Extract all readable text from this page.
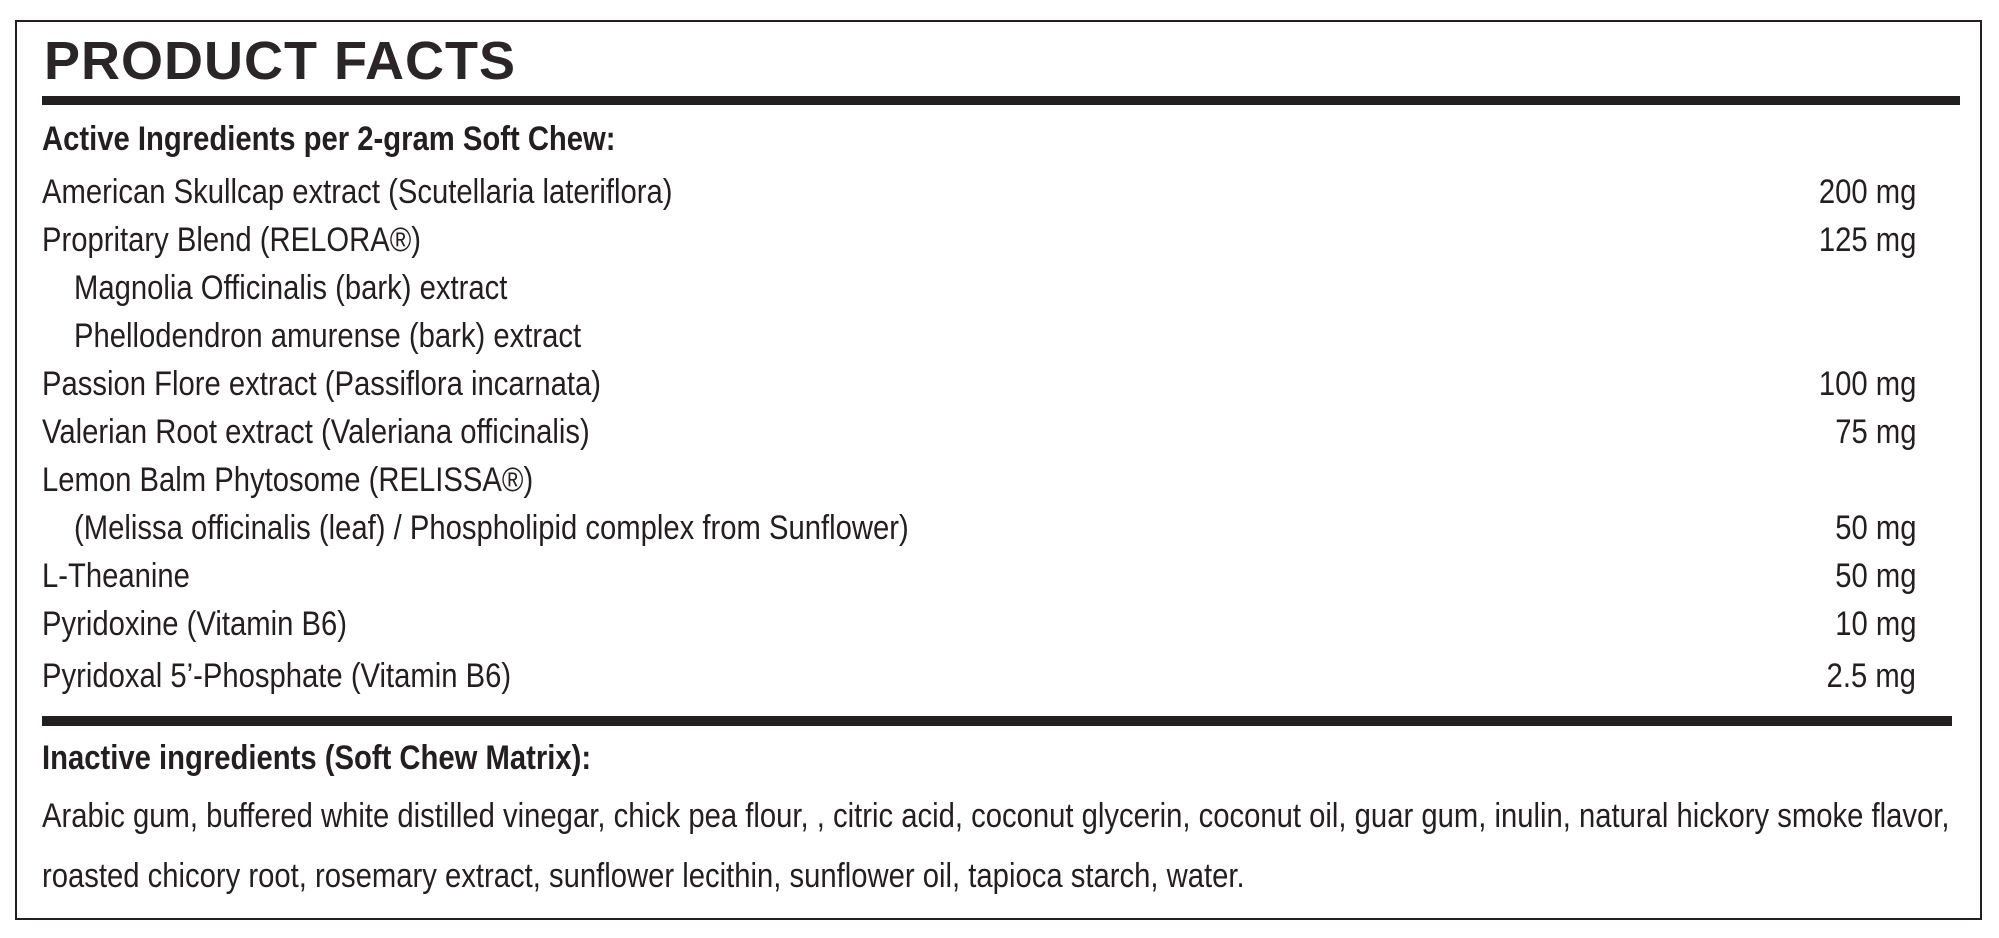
PRODUCT FACTS
Active Ingredients per 2-gram Soft Chew:
American Skullcap extract (Scutellaria lateriflora)	200 mg
Propritary Blend (RELORA®)	125 mg
Magnolia Officinalis (bark) extract
Phellodendron amurense (bark) extract
Passion Flore extract (Passiflora incarnata)	100 mg
Valerian Root extract (Valeriana officinalis)	75 mg
Lemon Balm Phytosome (RELISSA®)
(Melissa officinalis (leaf) / Phospholipid complex from Sunflower)	50 mg
L-Theanine	50 mg
Pyridoxine (Vitamin B6)	10 mg
Pyridoxal 5’-Phosphate (Vitamin B6)	2.5 mg
Inactive ingredients (Soft Chew Matrix):
Arabic gum, buffered white distilled vinegar, chick pea flour, , citric acid, coconut glycerin, coconut oil, guar gum, inulin, natural hickory smoke flavor, roasted chicory root, rosemary extract, sunflower lecithin, sunflower oil, tapioca starch, water.
